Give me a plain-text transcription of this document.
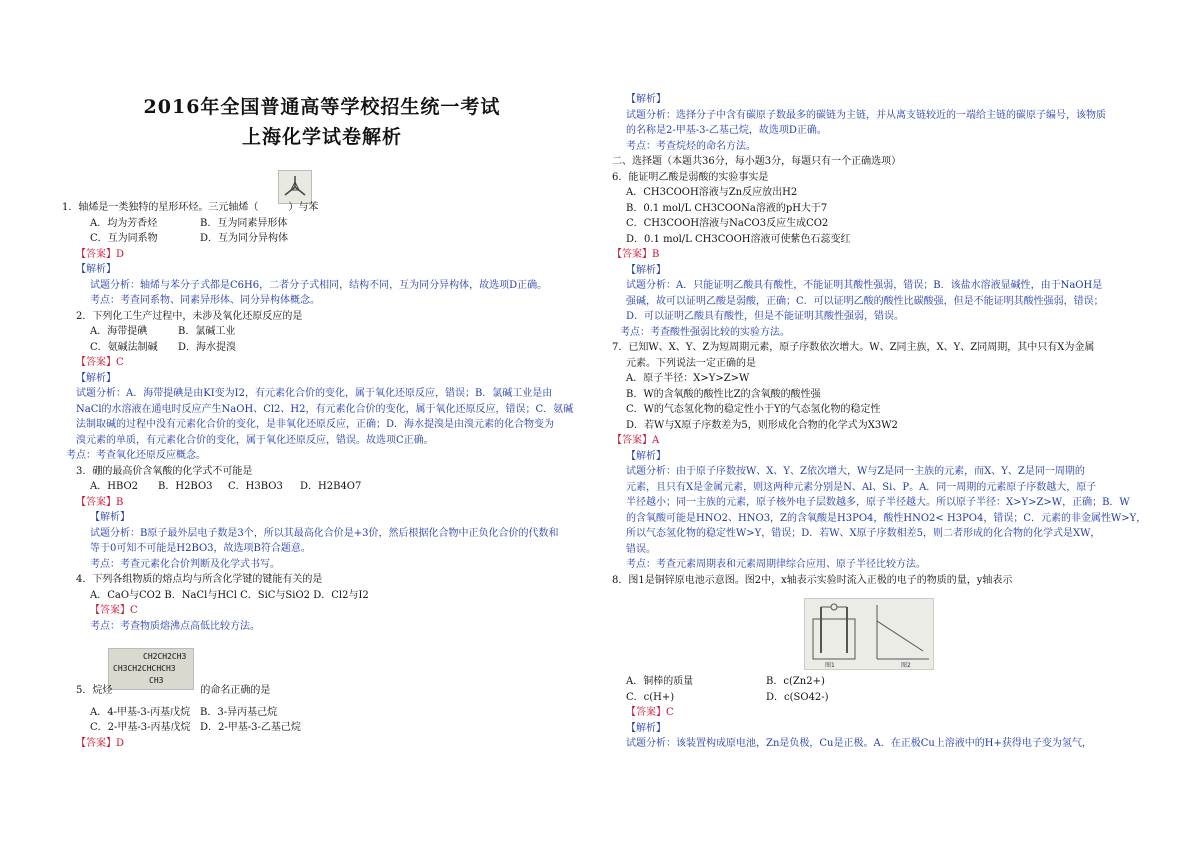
2016年全国普通高等学校招生统一考试
上海化学试卷解析
1．轴烯是一类独特的星形环烃。三元轴烯（	）与苯
A．均为芳香烃	B．互为同素异形体
C．互为同系物	D．互为同分异构体
【答案】D
【解析】
试题分析：轴烯与苯分子式都是C6H6，二者分子式相同，结构不同，互为同分异构体，故选项D正确。
考点：考查同系物、同素异形体、同分异构体概念。
2．下列化工生产过程中，未涉及氧化还原反应的是
A．海带提碘	B．氯碱工业
C．氨碱法制碱 D．海水提溴
【答案】C
【解析】
试题分析：A．海带提碘是由KI变为I2，有元素化合价的变化，属于氧化还原反应，错误；B．氯碱工业是由
NaCl的水溶液在通电时反应产生NaOH、Cl2、H2，有元素化合价的变化，属于氧化还原反应，错误；C．氨碱
法制取碱的过程中没有元素化合价的变化，是非氧化还原反应，正确；D．海水提溴是由溴元素的化合物变为
溴元素的单质，有元素化合价的变化，属于氧化还原反应，错误。故选项C正确。
考点：考查氧化还原反应概念。
3．硼的最高价含氧酸的化学式不可能是
A．HBO2 B．H2BO3 C．H3BO3 D．H2B4O7
【答案】B
【解析】
试题分析：B原子最外层电子数是3个，所以其最高化合价是+3价，然后根据化合物中正负化合价的代数和
等于0可知不可能是H2BO3，故选项B符合题意。
考点：考查元素化合价判断及化学式书写。
4．下列各组物质的熔点均与所含化学键的键能有关的是
A．CaO与CO2 B．NaCl与HCl C．SiC与SiO2 D．Cl2与I2
【答案】C
考点：考查物质熔沸点高低比较方法。
CH2CH2CH3
CH3CH2CHCHCH3
CH3
5．烷烃	的命名正确的是
A．4-甲基-3-丙基戊烷 B．3-异丙基己烷
C．2-甲基-3-丙基戊烷 D．2-甲基-3-乙基己烷
【答案】D
【解析】
试题分析：选择分子中含有碳原子数最多的碳链为主链，并从离支链较近的一端给主链的碳原子编号，该物质
的名称是2-甲基-3-乙基己烷，故选项D正确。
考点：考查烷烃的命名方法。
二、选择题（本题共36分，每小题3分，每题只有一个正确选项）
6．能证明乙酸是弱酸的实验事实是
A．CH3COOH溶液与Zn反应放出H2
B．0.1 mol/L CH3COONa溶液的pH大于7
C．CH3COOH溶液与NaCO3反应生成CO2
D．0.1 mol/L CH3COOH溶液可使紫色石蕊变红
【答案】B
【解析】
试题分析：A．只能证明乙酸具有酸性，不能证明其酸性强弱，错误；B．该盐水溶液显碱性，由于NaOH是
强碱，故可以证明乙酸是弱酸，正确；C．可以证明乙酸的酸性比碳酸强，但是不能证明其酸性强弱，错误；
D．可以证明乙酸具有酸性，但是不能证明其酸性强弱，错误。
考点：考查酸性强弱比较的实验方法。
7．已知W、X、Y、Z为短周期元素，原子序数依次增大。W、Z同主族，X、Y、Z同周期，其中只有X为金属
元素。下列说法一定正确的是
A．原子半径：X>Y>Z>W
B．W的含氧酸的酸性比Z的含氧酸的酸性强
C．W的气态氢化物的稳定性小于Y的气态氢化物的稳定性
D．若W与X原子序数差为5，则形成化合物的化学式为X3W2
【答案】A
【解析】
试题分析：由于原子序数按W、X、Y、Z依次增大，W与Z是同一主族的元素，而X、Y、Z是同一周期的
元素，且只有X是金属元素，则这两种元素分别是N、Al、Si、P。A．同一周期的元素原子序数越大，原子
半径越小；同一主族的元素，原子核外电子层数越多，原子半径越大。所以原子半径：X>Y>Z>W，正确；B．W
的含氧酸可能是HNO2、HNO3，Z的含氧酸是H3PO4，酸性HNO2< H3PO4，错误；C．元素的非金属性W>Y，
所以气态氢化物的稳定性W>Y，错误；D．若W、X原子序数相差5，则二者形成的化合物的化学式是XW，
错误。
考点：考查元素周期表和元素周期律综合应用、原子半径比较方法。
8．图1是铜锌原电池示意图。图2中，x轴表示实验时流入正极的电子的物质的量，y轴表示
图1	图2
A．铜棒的质量	B．c(Zn2+)
C．c(H+)	D．c(SO42-)
【答案】C
【解析】
试题分析：该装置构成原电池，Zn是负极，Cu是正极。A．在正极Cu上溶液中的H+获得电子变为氢气，
